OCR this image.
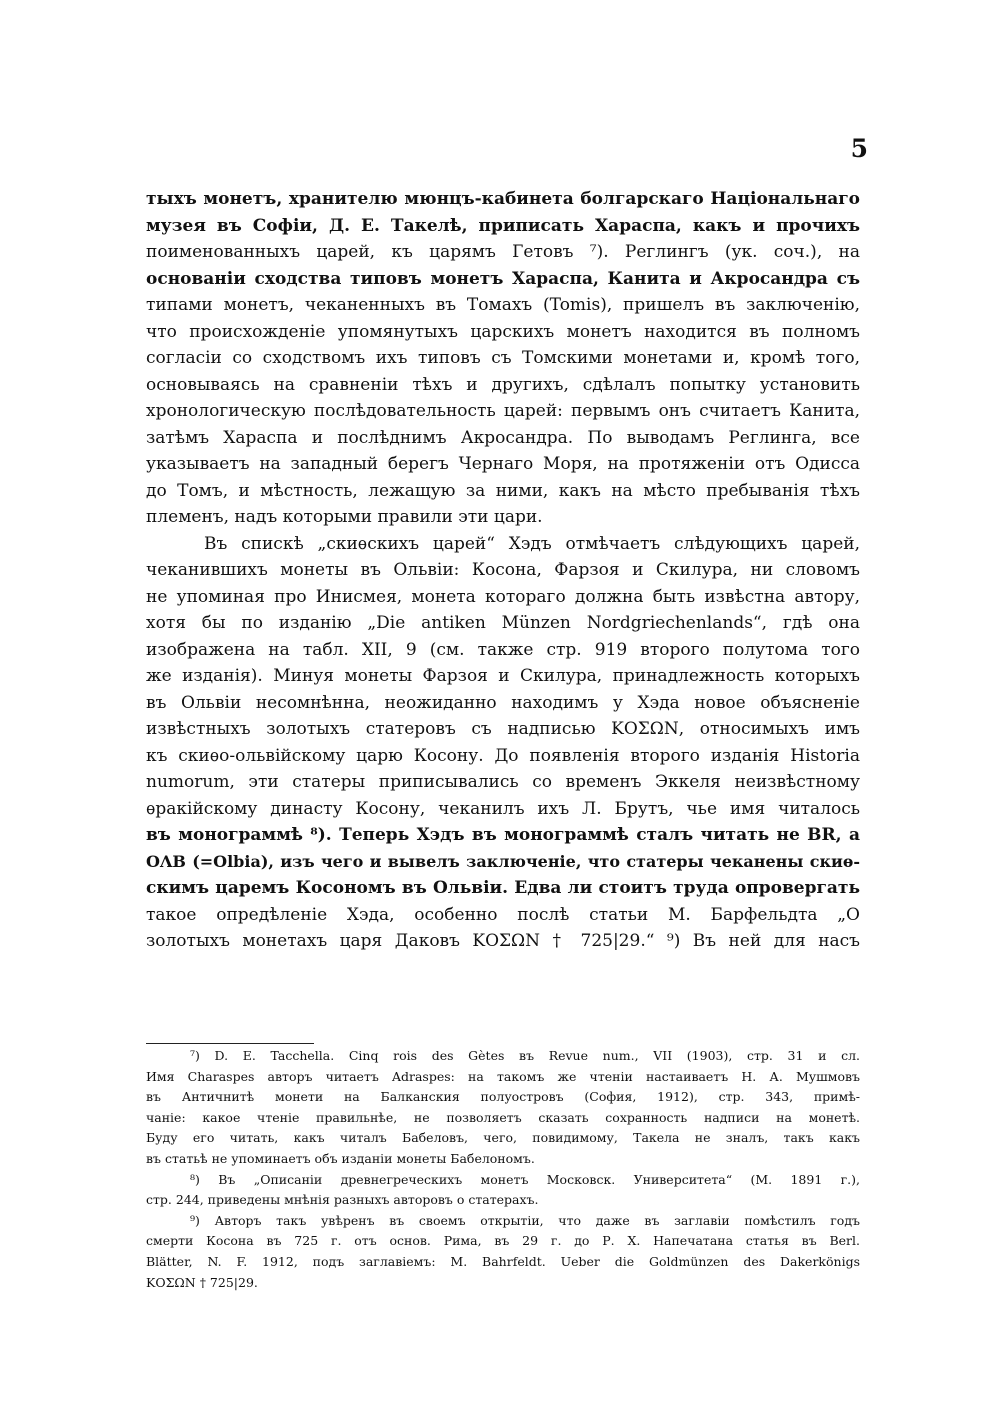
5
тыхъ монетъ, хранителю мюнцъ-кабинета болгарскаго Національнаго
музея въ Софіи, Д. Е. Такелѣ, приписать Хараспа, какъ и прочихъ
поименованныхъ царей, къ царямъ Гетовъ ⁷). Реглингъ (ук. соч.), на
основаніи сходства типовъ монетъ Хараспа, Канита и Акросандра съ
типами монетъ, чеканенныхъ въ Томахъ (Tomis), пришелъ въ заключенію,
что происхожденіе упомянутыхъ царскихъ монетъ находится въ полномъ
согласіи со сходствомъ ихъ типовъ съ Томскими монетами и, кромѣ того,
основываясь на сравненіи тѣхъ и другихъ, сдѣлалъ попытку установить
хронологическую послѣдовательность царей: первымъ онъ считаетъ Канита,
затѣмъ Хараспа и послѣднимъ Акросандра. По выводамъ Реглинга, все
указываетъ на западный берегъ Чернаго Моря, на протяженіи отъ Одисса
до Томъ, и мѣстность, лежащую за ними, какъ на мѣсто пребыванія тѣхъ
племенъ, надъ которыми правили эти цари.
Въ спискѣ „скиѳскихъ царей“ Хэдъ отмѣчаетъ слѣдующихъ царей,
чеканившихъ монеты въ Ольвіи: Косона, Фарзоя и Скилура, ни словомъ
не упоминая про Инисмея, монета котораго должна быть извѣстна автору,
хотя бы по изданію „Die antiken Münzen Nordgriechenlands“, гдѣ она
изображена на табл. XII, 9 (см. также стр. 919 второго полутома того
же изданія). Минуя монеты Фарзоя и Скилура, принадлежность которыхъ
въ Ольвіи несомнѣнна, неожиданно находимъ у Хэда новое объясненіе
извѣстныхъ золотыхъ статеровъ съ надписью ΚΟΣΩΝ, относимыхъ имъ
къ скиѳо-ольвійскому царю Косону. До появленія второго изданія Historia
numorum, эти статеры приписывались со временъ Эккеля неизвѣстному
ѳракійскому династу Косону, чеканилъ ихъ Л. Брутъ, чье имя читалось
въ монограммѣ ⁸). Теперь Хэдъ въ монограммѣ сталъ читать не BR, а
OΛB (=Olbia), изъ чего и вывелъ заключеніе, что статеры чеканены скиѳ-
скимъ царемъ Косономъ въ Ольвіи. Едва ли стоитъ труда опровергать
такое опредѣленіе Хэда, особенно послѣ статьи М. Барфельдта „О
золотыхъ монетахъ царя Даковъ ΚΟΣΩΝ † 725|29.“ ⁹) Въ ней для насъ
⁷) D. E. Tacchella. Cinq rois des Gètes въ Revue num., VII (1903), стр. 31 и сл.
Имя Charaspes авторъ читаетъ Adraspes: на такомъ же чтеніи настаиваетъ Н. А. Мушмовъ
въ Античнитѣ монети на Балканския полуостровъ (София, 1912), стр. 343, примѣ-
чаніе: какое чтеніе правильнѣе, не позволяетъ сказать сохранность надписи на монетѣ.
Буду его читать, какъ читалъ Бабеловъ, чего, повидимому, Такела не зналъ, такъ какъ
въ статьѣ не упоминаетъ объ изданіи монеты Бабелономъ.
⁸) Въ „Описаніи древнегреческихъ монетъ Московск. Университета“ (М. 1891 г.),
стр. 244, приведены мнѣнія разныхъ авторовъ о статерахъ.
⁹) Авторъ такъ увѣренъ въ своемъ открытіи, что даже въ заглавіи помѣстилъ годъ
смерти Косона въ 725 г. отъ основ. Рима, въ 29 г. до Р. Х. Напечатана статья въ Berl.
Blätter, N. F. 1912, подъ заглавіемъ: M. Bahrfeldt. Ueber die Goldmünzen des Dakerkönigs
ΚΟΣΩΝ † 725|29.
